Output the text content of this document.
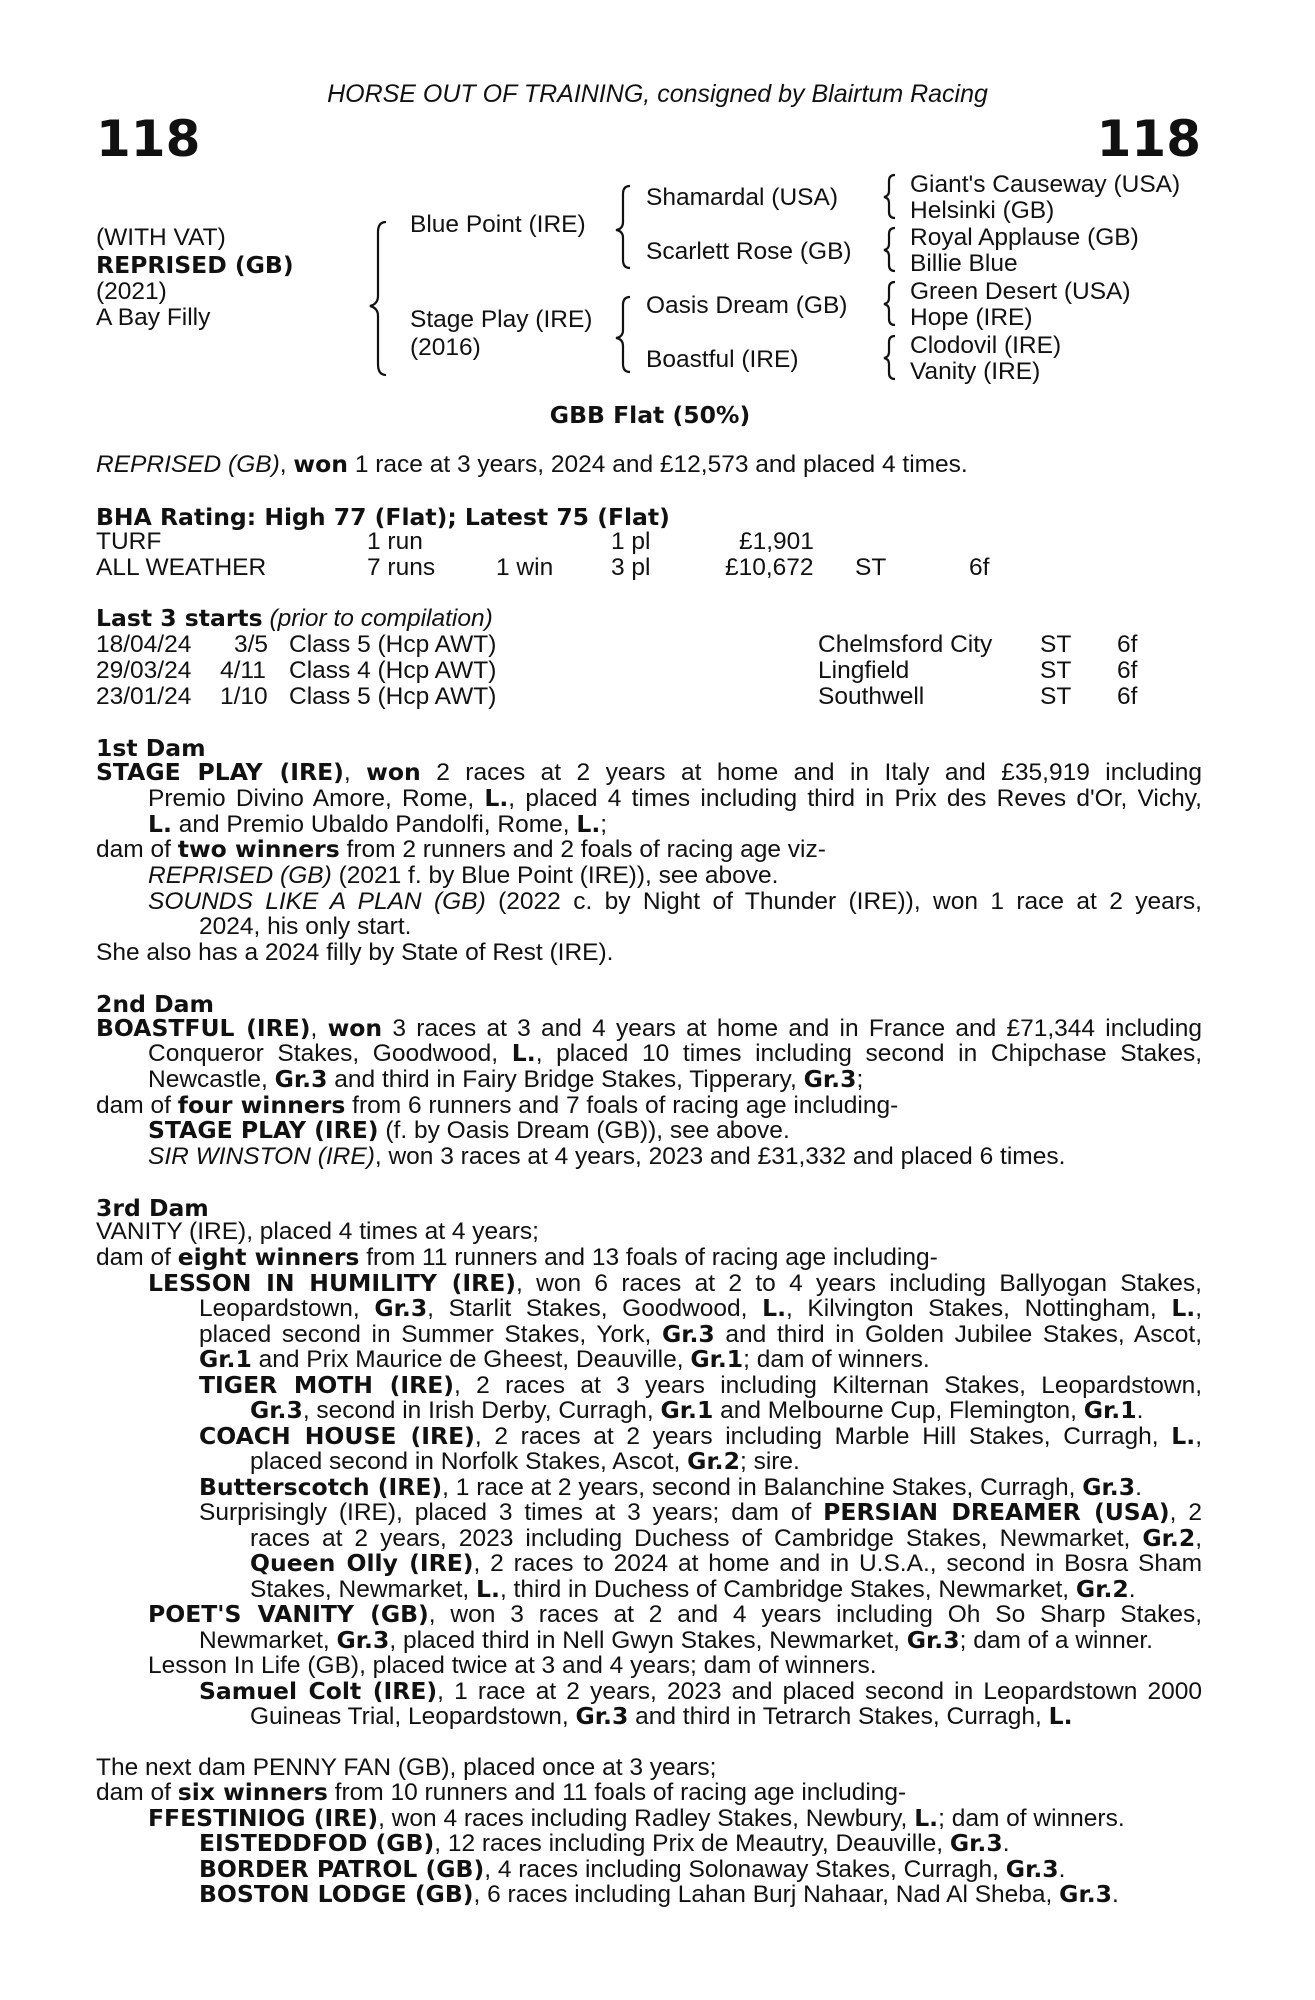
HORSE OUT OF TRAINING, consigned by Blairtum Racing
118	118
(WITH VAT)
REPRISED (GB)
(2021)
A Bay Filly
Blue Point (IRE)
Stage Play (IRE)
(2016)
Shamardal (USA)
Scarlett Rose (GB)
Oasis Dream (GB)
Boastful (IRE)
Giant's Causeway (USA)
Helsinki (GB)
Royal Applause (GB)
Billie Blue
Green Desert (USA)
Hope (IRE)
Clodovil (IRE)
Vanity (IRE)
GBB Flat (50%)
REPRISED (GB), won 1 race at 3 years, 2024 and £12,573 and placed 4 times.
BHA Rating: High 77 (Flat); Latest 75 (Flat)
TURF	1 run	1 pl	£1,901
ALL WEATHER	7 runs 1 win 3 pl	£10,672 ST	6f
Last 3 starts (prior to compilation)
18/04/24 3/5 Class 5 (Hcp AWT)	Chelmsford City ST 6f
29/03/24 4/11 Class 4 (Hcp AWT)	Lingfield	ST 6f
23/01/24 1/10 Class 5 (Hcp AWT)	Southwell	ST 6f
1st Dam
STAGE PLAY (IRE), won 2 races at 2 years at home and in Italy and £35,919 including
Premio Divino Amore, Rome, L., placed 4 times including third in Prix des Reves d'Or, Vichy,
L. and Premio Ubaldo Pandolfi, Rome, L.;
dam of two winners from 2 runners and 2 foals of racing age viz-
REPRISED (GB) (2021 f. by Blue Point (IRE)), see above.
SOUNDS LIKE A PLAN (GB) (2022 c. by Night of Thunder (IRE)), won 1 race at 2 years,
2024, his only start.
She also has a 2024 filly by State of Rest (IRE).
2nd Dam
BOASTFUL (IRE), won 3 races at 3 and 4 years at home and in France and £71,344 including
Conqueror Stakes, Goodwood, L., placed 10 times including second in Chipchase Stakes,
Newcastle, Gr.3 and third in Fairy Bridge Stakes, Tipperary, Gr.3;
dam of four winners from 6 runners and 7 foals of racing age including-
STAGE PLAY (IRE) (f. by Oasis Dream (GB)), see above.
SIR WINSTON (IRE), won 3 races at 4 years, 2023 and £31,332 and placed 6 times.
3rd Dam
VANITY (IRE), placed 4 times at 4 years;
dam of eight winners from 11 runners and 13 foals of racing age including-
LESSON IN HUMILITY (IRE), won 6 races at 2 to 4 years including Ballyogan Stakes,
Leopardstown, Gr.3, Starlit Stakes, Goodwood, L., Kilvington Stakes, Nottingham, L.,
placed second in Summer Stakes, York, Gr.3 and third in Golden Jubilee Stakes, Ascot,
Gr.1 and Prix Maurice de Gheest, Deauville, Gr.1; dam of winners.
TIGER MOTH (IRE), 2 races at 3 years including Kilternan Stakes, Leopardstown,
Gr.3, second in Irish Derby, Curragh, Gr.1 and Melbourne Cup, Flemington, Gr.1.
COACH HOUSE (IRE), 2 races at 2 years including Marble Hill Stakes, Curragh, L.,
placed second in Norfolk Stakes, Ascot, Gr.2; sire.
Butterscotch (IRE), 1 race at 2 years, second in Balanchine Stakes, Curragh, Gr.3.
Surprisingly (IRE), placed 3 times at 3 years; dam of PERSIAN DREAMER (USA), 2
races at 2 years, 2023 including Duchess of Cambridge Stakes, Newmarket, Gr.2,
Queen Olly (IRE), 2 races to 2024 at home and in U.S.A., second in Bosra Sham
Stakes, Newmarket, L., third in Duchess of Cambridge Stakes, Newmarket, Gr.2.
POET'S VANITY (GB), won 3 races at 2 and 4 years including Oh So Sharp Stakes,
Newmarket, Gr.3, placed third in Nell Gwyn Stakes, Newmarket, Gr.3; dam of a winner.
Lesson In Life (GB), placed twice at 3 and 4 years; dam of winners.
Samuel Colt (IRE), 1 race at 2 years, 2023 and placed second in Leopardstown 2000
Guineas Trial, Leopardstown, Gr.3 and third in Tetrarch Stakes, Curragh, L.
The next dam PENNY FAN (GB), placed once at 3 years;
dam of six winners from 10 runners and 11 foals of racing age including-
FFESTINIOG (IRE), won 4 races including Radley Stakes, Newbury, L.; dam of winners.
EISTEDDFOD (GB), 12 races including Prix de Meautry, Deauville, Gr.3.
BORDER PATROL (GB), 4 races including Solonaway Stakes, Curragh, Gr.3.
BOSTON LODGE (GB), 6 races including Lahan Burj Nahaar, Nad Al Sheba, Gr.3.
